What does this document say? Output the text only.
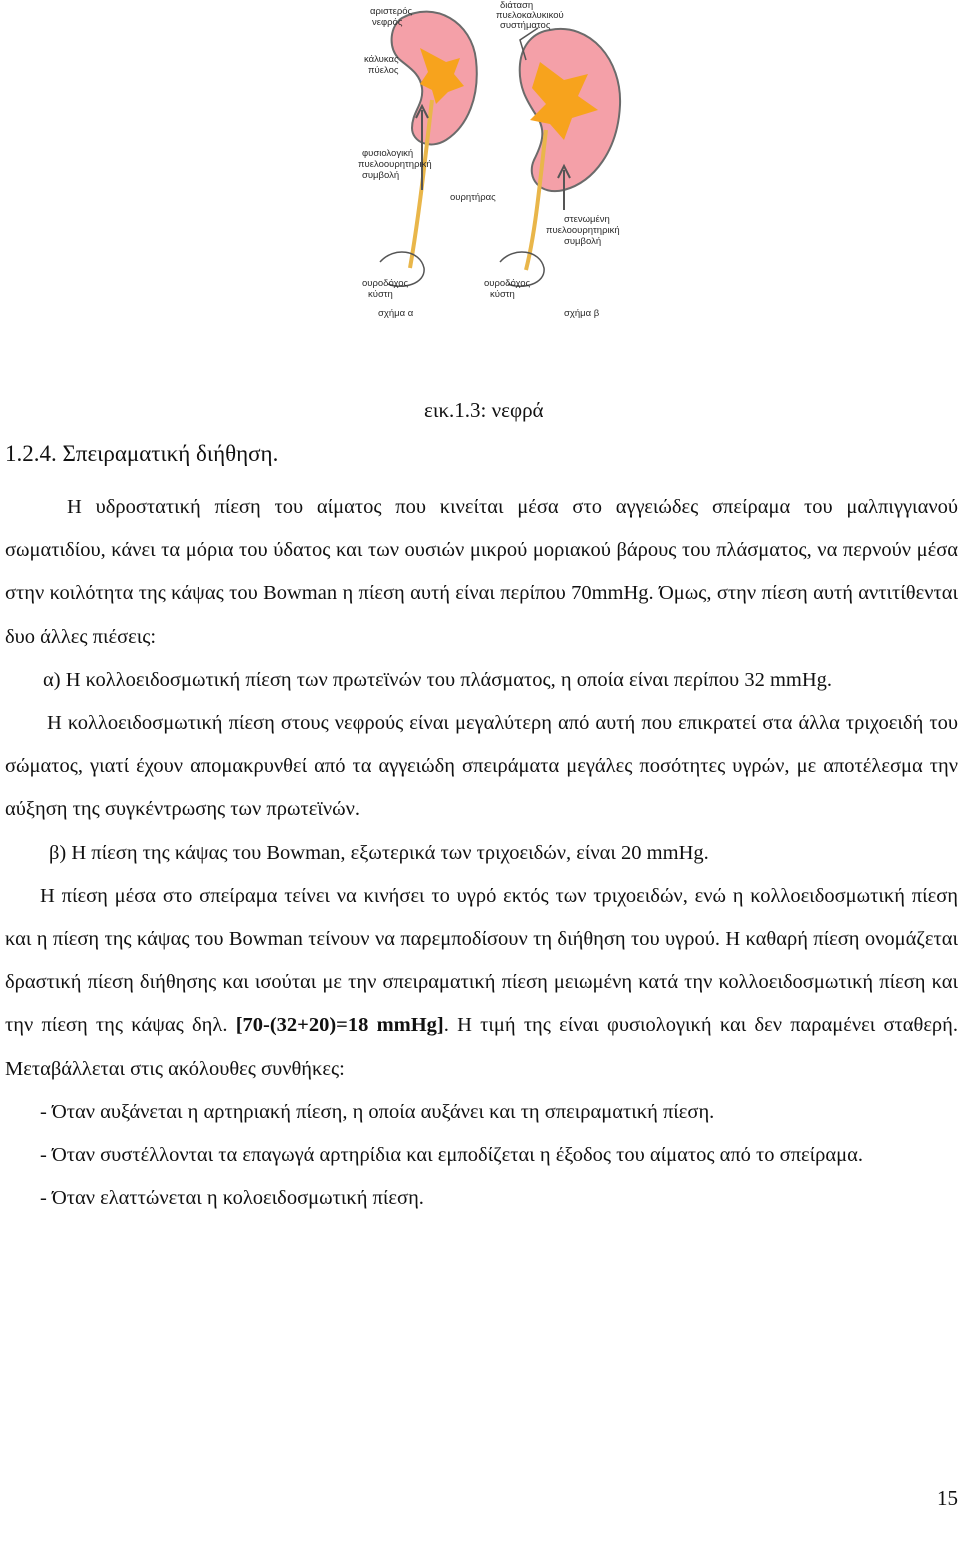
αριστερός νεφρός
διάταση πυελοκαλυκικού συστήματος
κάλυκας πύελος
φυσιολογική πυελοουρητηρική συμβολή
ουρητήρας
στενωμένη πυελοουρητηρική συμβολή
ουροδόχος κύστη
ουροδόχος κύστη
σχήμα α	σχήμα β
εικ.1.3: νεφρά
1.2.4. Σπειραματική διήθηση.

Η υδροστατική πίεση του αίματος που κινείται μέσα στο αγγειώδες σπείραμα του μαλπιγγιανού σωματιδίου, κάνει τα μόρια του ύδατος και των ουσιών μικρού μοριακού βάρους του πλάσματος, να περνούν μέσα στην κοιλότητα της κάψας του Bowman η πίεση αυτή είναι περίπου 70mmHg. Όμως, στην πίεση αυτή αντιτίθενται δυο άλλες πιέσεις:

α) Η κολλοειδοσμωτική πίεση των πρωτεϊνών του πλάσματος, η οποία είναι περίπου 32 mmHg.

Η κολλοειδοσμωτική πίεση στους νεφρούς είναι μεγαλύτερη από αυτή που επικρατεί στα άλλα τριχοειδή του σώματος, γιατί έχουν απομακρυνθεί από τα αγγειώδη σπειράματα μεγάλες ποσότητες υγρών, με αποτέλεσμα την αύξηση της συγκέντρωσης των πρωτεϊνών.

β) Η πίεση της κάψας του Bowman, εξωτερικά των τριχοειδών, είναι 20 mmHg.

Η πίεση μέσα στο σπείραμα τείνει να κινήσει το υγρό εκτός των τριχοειδών, ενώ η κολλοειδοσμωτική πίεση και η πίεση της κάψας του Bowman τείνουν να παρεμποδίσουν τη διήθηση του υγρού. Η καθαρή πίεση ονομάζεται δραστική πίεση διήθησης και ισούται με την σπειραματική πίεση μειωμένη κατά την κολλοειδοσμωτική πίεση και την πίεση της κάψας δηλ. [70-(32+20)=18 mmHg]. Η τιμή της είναι φυσιολογική και δεν παραμένει σταθερή. Μεταβάλλεται στις ακόλουθες συνθήκες:

- Όταν αυξάνεται η αρτηριακή πίεση, η οποία αυξάνει και τη σπειραματική πίεση.

- Όταν συστέλλονται τα επαγωγά αρτηρίδια και εμποδίζεται η έξοδος του αίματος από το σπείραμα.

- Όταν ελαττώνεται η κολοειδοσμωτική πίεση.

15
